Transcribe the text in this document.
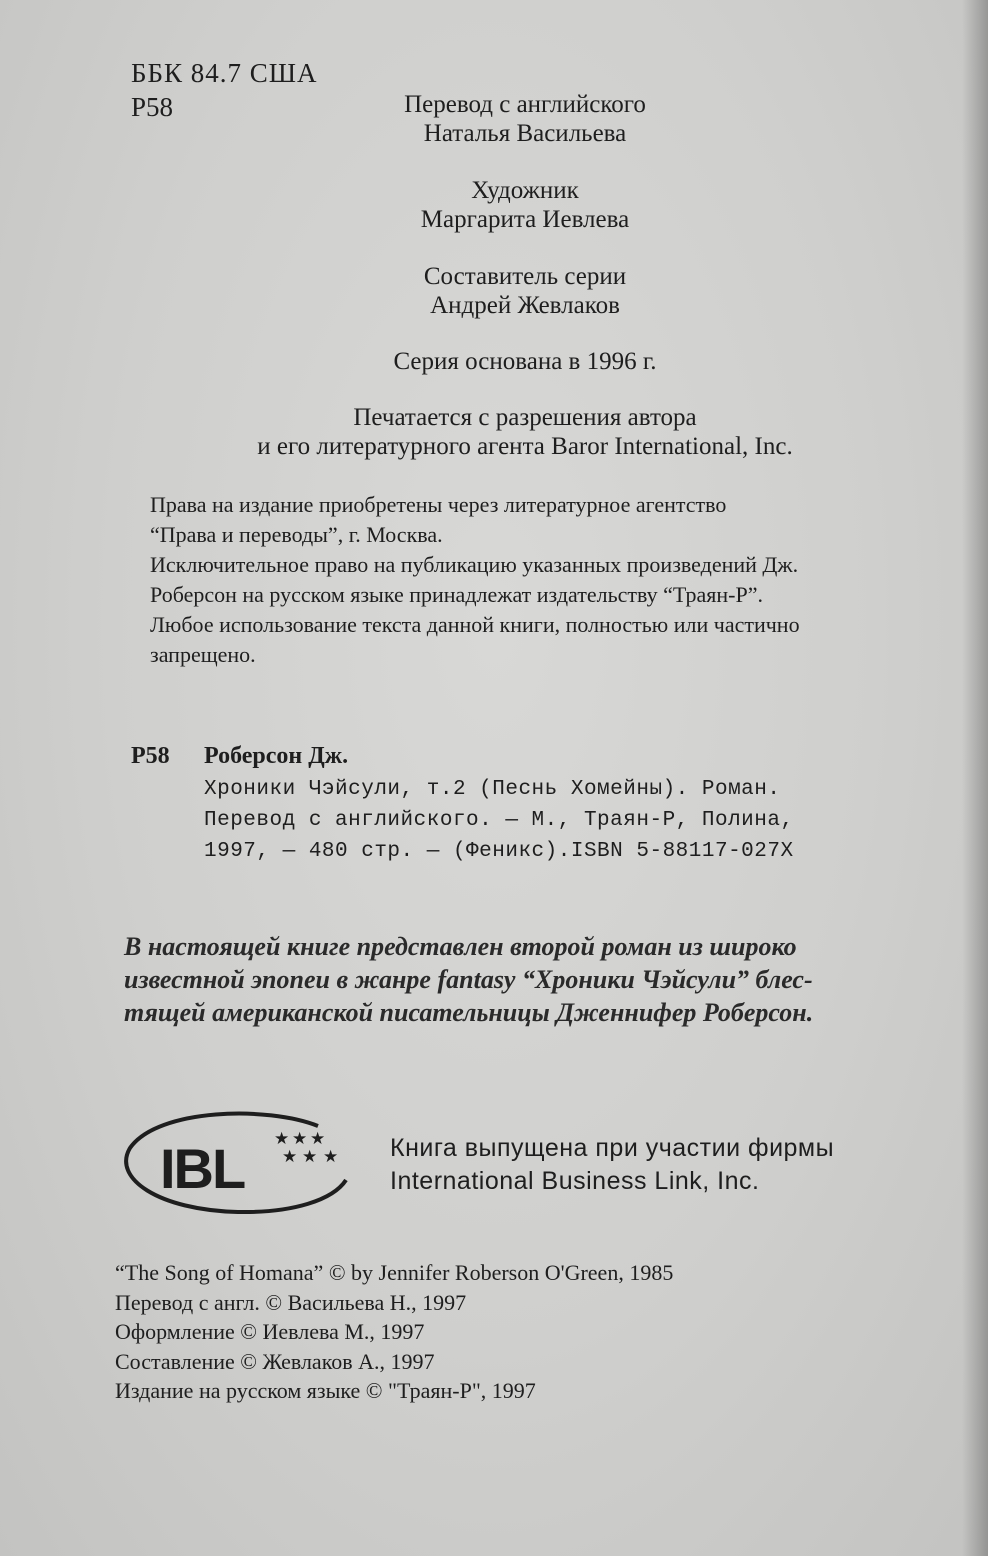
ББК 84.7 США
Р58	Перевод с английского
Наталья Васильева
Художник
Маргарита Иевлева
Составитель серии
Андрей Жевлаков
Серия основана в 1996 г.
Печатается с разрешения автора
и его литературного агента Baror International, Inc.
Права на издание приобретены через литературное агентство
“Права и переводы”, г. Москва.
Исключительное право на публикацию указанных произведений Дж.
Роберсон на русском языке принадлежат издательству “Траян-Р”.
Любое использование текста данной книги, полностью или частично
запрещено.
Р58 Роберсон Дж.
Хроники Чэйсули, т.2 (Песнь Хомейны). Роман.
Перевод с английского. — М., Траян-Р, Полина,
1997, — 480 стр. — (Феникс).ISBN 5-88117-027X
В настоящей книге представлен второй роман из широко
известной эпопеи в жанре fantasy “Хроники Чэйсули” блес-
тящей американской писательницы Дженнифер Роберсон.
IBL ★ ★ ★
★ ★ ★ Книга выпущена при участии фирмы
International Business Link, Inc.
“The Song of Homana” © by Jennifer Roberson O'Green, 1985
Перевод с англ. © Васильева Н., 1997
Оформление © Иевлева М., 1997
Составление © Жевлаков А., 1997
Издание на русском языке © "Траян-Р", 1997
